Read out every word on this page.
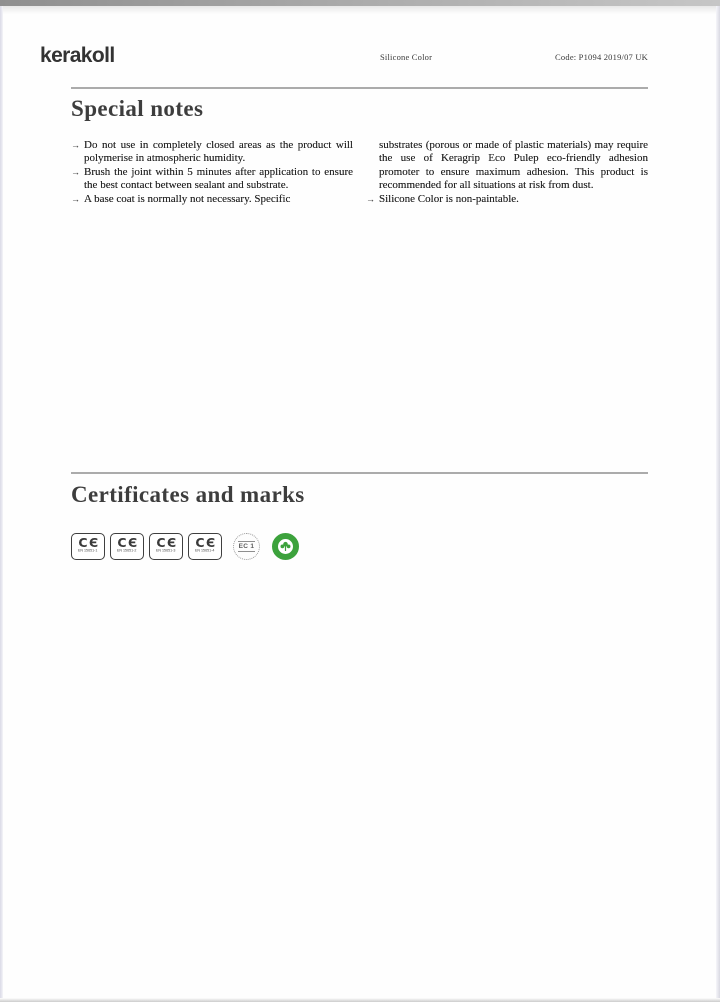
kerakoll	Silicone Color	Code: P1094 2019/07 UK
Special notes
→ Do not use in completely closed areas as the product will polymerise in atmospheric humidity.
→ Brush the joint within 5 minutes after application to ensure the best contact between sealant and substrate.
→ A base coat is normally not necessary. Specific
substrates (porous or made of plastic materials) may require the use of Keragrip Eco Pulep eco-friendly adhesion promoter to ensure maximum adhesion. This product is recommended for all situations at risk from dust.
→ Silicone Color is non-paintable.
Certificates and marks
CЄ
EN 15651-1
CЄ
EN 15651-2
CЄ
EN 15651-3
CЄ
EN 15651-4
EC 1
